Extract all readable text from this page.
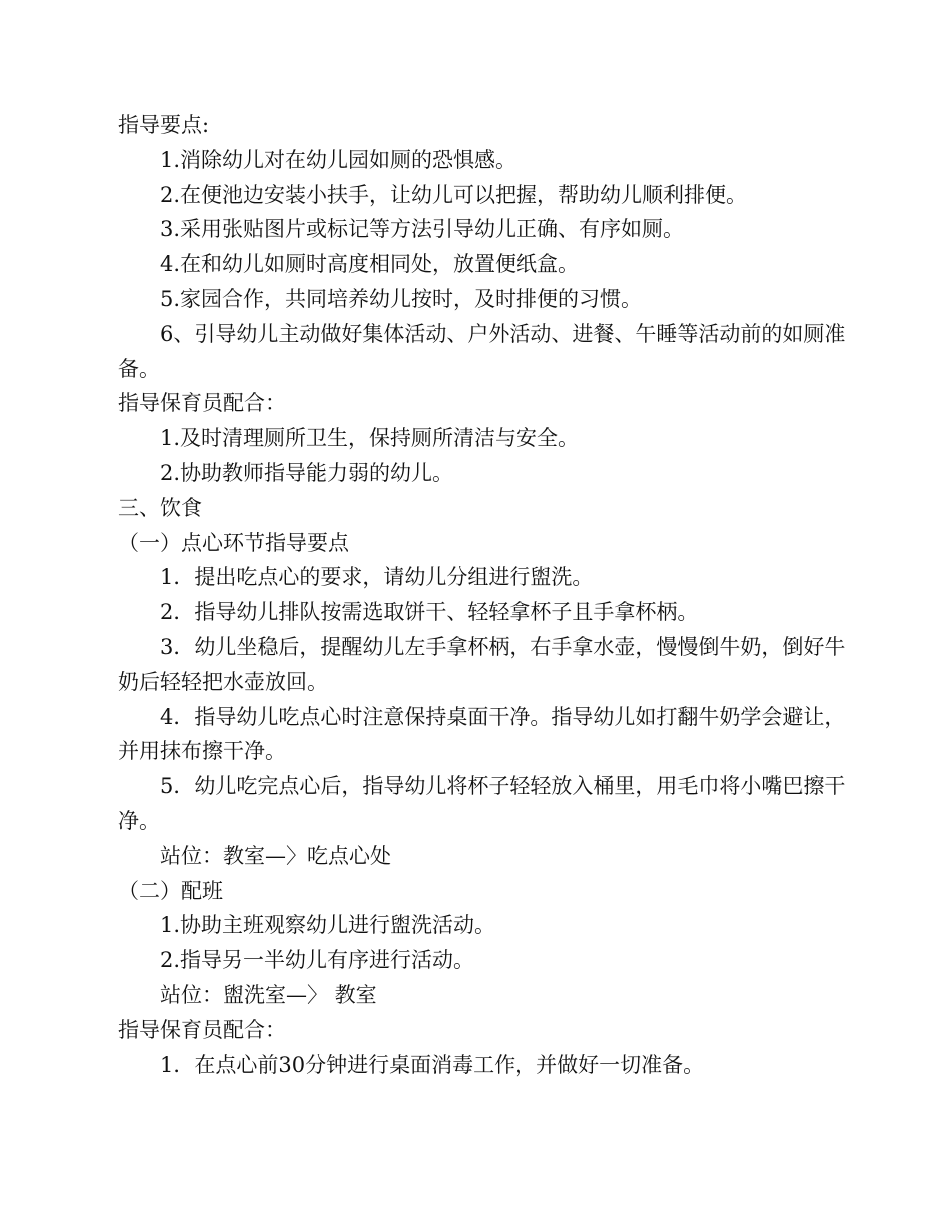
指导要点:

1.消除幼儿对在幼儿园如厕的恐惧感。

2.在便池边安装小扶手，让幼儿可以把握，帮助幼儿顺利排便。

3.采用张贴图片或标记等方法引导幼儿正确、有序如厕。

4.在和幼儿如厕时高度相同处，放置便纸盒。

5.家园合作，共同培养幼儿按时，及时排便的习惯。

6、引导幼儿主动做好集体活动、户外活动、进餐、午睡等活动前的如厕准备。

指导保育员配合：

1.及时清理厕所卫生，保持厕所清洁与安全。

2.协助教师指导能力弱的幼儿。

三、饮食

（一）点心环节指导要点

1．提出吃点心的要求，请幼儿分组进行盥洗。

2．指导幼儿排队按需选取饼干、轻轻拿杯子且手拿杯柄。

3．幼儿坐稳后，提醒幼儿左手拿杯柄，右手拿水壶，慢慢倒牛奶，倒好牛奶后轻轻把水壶放回。

4．指导幼儿吃点心时注意保持桌面干净。指导幼儿如打翻牛奶学会避让，并用抹布擦干净。

5．幼儿吃完点心后，指导幼儿将杯子轻轻放入桶里，用毛巾将小嘴巴擦干净。

站位：教室—〉吃点心处

（二）配班

1.协助主班观察幼儿进行盥洗活动。

2.指导另一半幼儿有序进行活动。

站位：盥洗室—〉 教室

指导保育员配合：

1．在点心前30分钟进行桌面消毒工作，并做好一切准备。
